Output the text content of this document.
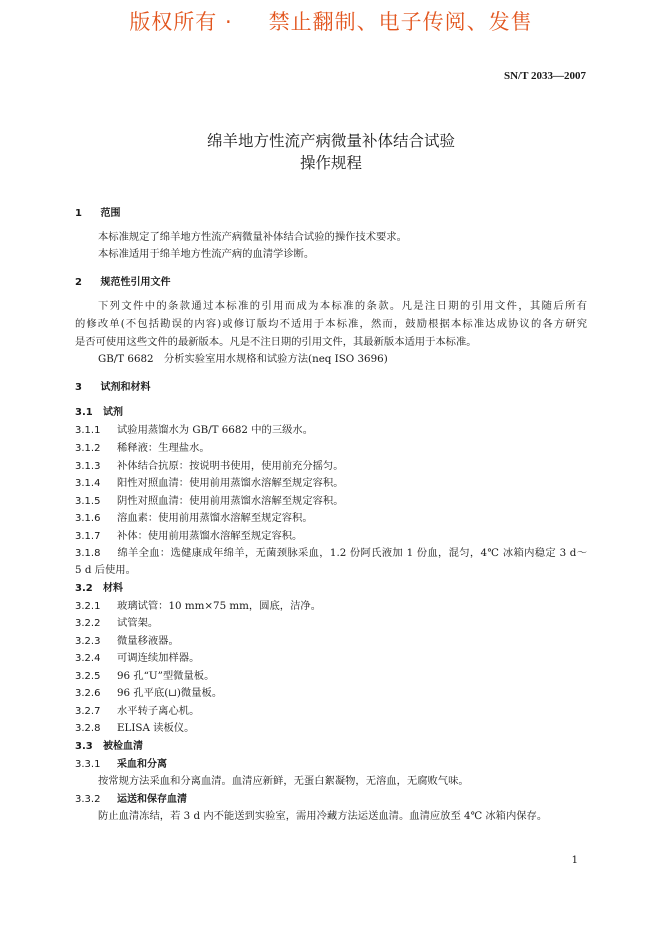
版权所有 · 禁止翻制、电子传阅、发售
SN/T 2033—2007
绵羊地方性流产病微量补体结合试验
操作规程
1 范围
本标准规定了绵羊地方性流产病微量补体结合试验的操作技术要求。
本标准适用于绵羊地方性流产病的血清学诊断。
2 规范性引用文件
下列文件中的条款通过本标准的引用而成为本标准的条款。凡是注日期的引用文件，其随后所有
的修改单(不包括勘误的内容)或修订版均不适用于本标准，然而，鼓励根据本标准达成协议的各方研究
是否可使用这些文件的最新版本。凡是不注日期的引用文件，其最新版本适用于本标准。
GB/T 6682　分析实验室用水规格和试验方法(neq ISO 3696)
3 试剂和材料
3.1 试剂
3.1.1 试验用蒸馏水为 GB/T 6682 中的三级水。
3.1.2 稀释液：生理盐水。
3.1.3 补体结合抗原：按说明书使用，使用前充分摇匀。
3.1.4 阳性对照血清：使用前用蒸馏水溶解至规定容积。
3.1.5 阴性对照血清：使用前用蒸馏水溶解至规定容积。
3.1.6 溶血素：使用前用蒸馏水溶解至规定容积。
3.1.7 补体：使用前用蒸馏水溶解至规定容积。
3.1.8 绵羊全血：选健康成年绵羊，无菌颈脉采血，1.2 份阿氏液加 1 份血，混匀，4℃ 冰箱内稳定 3 d～
5 d 后使用。
3.2 材料
3.2.1 玻璃试管：10 mm×75 mm，圆底，洁净。
3.2.2 试管架。
3.2.3 微量移液器。
3.2.4 可调连续加样器。
3.2.5 96 孔“U”型微量板。
3.2.6 96 孔平底(⊔)微量板。
3.2.7 水平转子离心机。
3.2.8 ELISA 读板仪。
3.3 被检血清
3.3.1 采血和分离
按常规方法采血和分离血清。血清应新鲜，无蛋白絮凝物，无溶血，无腐败气味。
3.3.2 运送和保存血清
防止血清冻结，若 3 d 内不能送到实验室，需用冷藏方法运送血清。血清应放至 4℃ 冰箱内保存。
1
